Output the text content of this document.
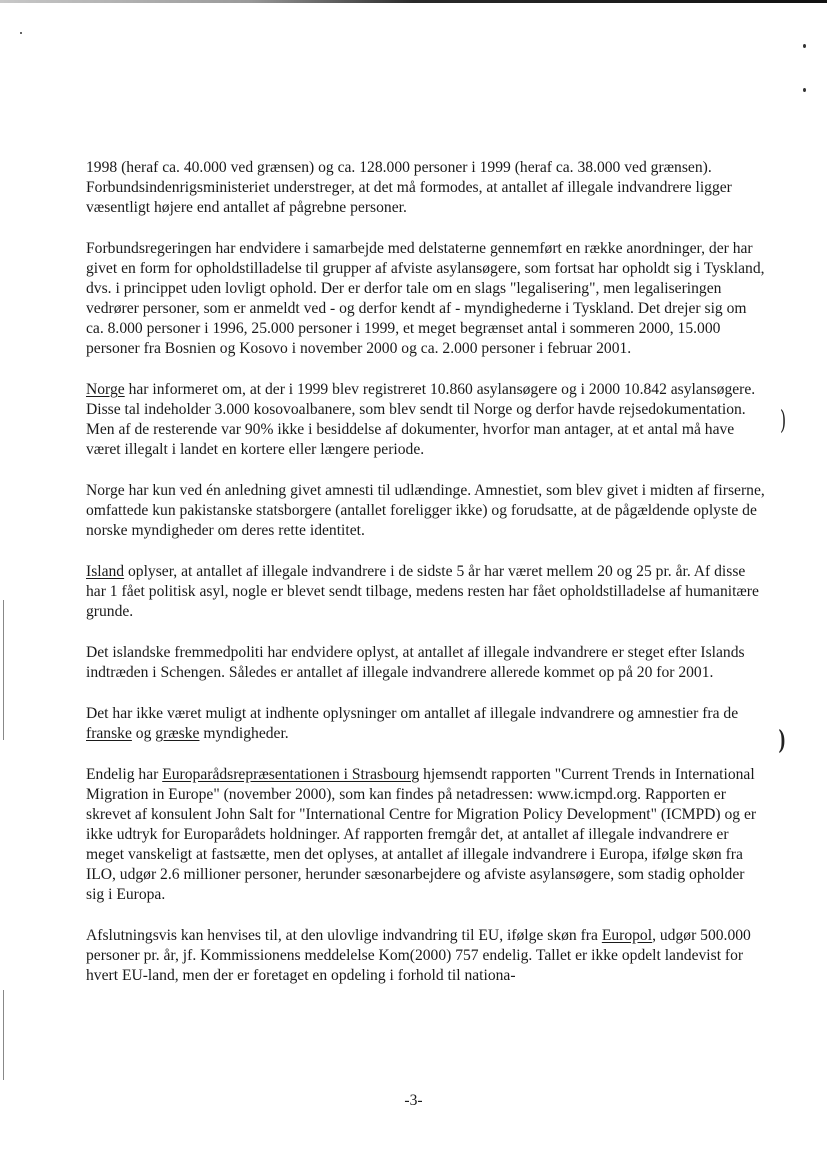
)
)

1998 (heraf ca. 40.000 ved grænsen) og ca. 128.000 personer i 1999 (heraf ca. 38.000 ved grænsen). Forbundsindenrigsministeriet understreger, at det må formodes, at antallet af illegale indvandrere ligger væsentligt højere end antallet af pågrebne personer.

Forbundsregeringen har endvidere i samarbejde med delstaterne gennemført en række anordninger, der har givet en form for opholdstilladelse til grupper af afviste asylansøgere, som fortsat har opholdt sig i Tyskland, dvs. i princippet uden lovligt ophold. Der er derfor tale om en slags "legalisering", men legaliseringen vedrører personer, som er anmeldt ved - og derfor kendt af - myndighederne i Tyskland. Det drejer sig om ca. 8.000 personer i 1996, 25.000 personer i 1999, et meget begrænset antal i sommeren 2000, 15.000 personer fra Bosnien og Kosovo i november 2000 og ca. 2.000 personer i februar 2001.

Norge har informeret om, at der i 1999 blev registreret 10.860 asylansøgere og i 2000 10.842 asylansøgere. Disse tal indeholder 3.000 kosovoalbanere, som blev sendt til Norge og derfor havde rejsedokumentation. Men af de resterende var 90% ikke i besiddelse af dokumenter, hvorfor man antager, at et antal må have været illegalt i landet en kortere eller længere periode.

Norge har kun ved én anledning givet amnesti til udlændinge. Amnestiet, som blev givet i midten af firserne, omfattede kun pakistanske statsborgere (antallet foreligger ikke) og forudsatte, at de pågældende oplyste de norske myndigheder om deres rette identitet.

Island oplyser, at antallet af illegale indvandrere i de sidste 5 år har været mellem 20 og 25 pr. år. Af disse har 1 fået politisk asyl, nogle er blevet sendt tilbage, medens resten har fået opholdstilladelse af humanitære grunde.

Det islandske fremmedpoliti har endvidere oplyst, at antallet af illegale indvandrere er steget efter Islands indtræden i Schengen. Således er antallet af illegale indvandrere allerede kommet op på 20 for 2001.

Det har ikke været muligt at indhente oplysninger om antallet af illegale indvandrere og amnestier fra de franske og græske myndigheder.

Endelig har Europarådsrepræsentationen i Strasbourg hjemsendt rapporten "Current Trends in International Migration in Europe" (november 2000), som kan findes på netadressen: www.icmpd.org. Rapporten er skrevet af konsulent John Salt for "International Centre for Migration Policy Development" (ICMPD) og er ikke udtryk for Europarådets holdninger. Af rapporten fremgår det, at antallet af illegale indvandrere er meget vanskeligt at fastsætte, men det oplyses, at antallet af illegale indvandrere i Europa, ifølge skøn fra ILO, udgør 2.6 millioner personer, herunder sæsonarbejdere og afviste asylansøgere, som stadig opholder sig i Europa.

Afslutningsvis kan henvises til, at den ulovlige indvandring til EU, ifølge skøn fra Europol, udgør 500.000 personer pr. år, jf. Kommissionens meddelelse Kom(2000) 757 endelig. Tallet er ikke opdelt landevist for hvert EU-land, men der er foretaget en opdeling i forhold til nationa-

-3-
